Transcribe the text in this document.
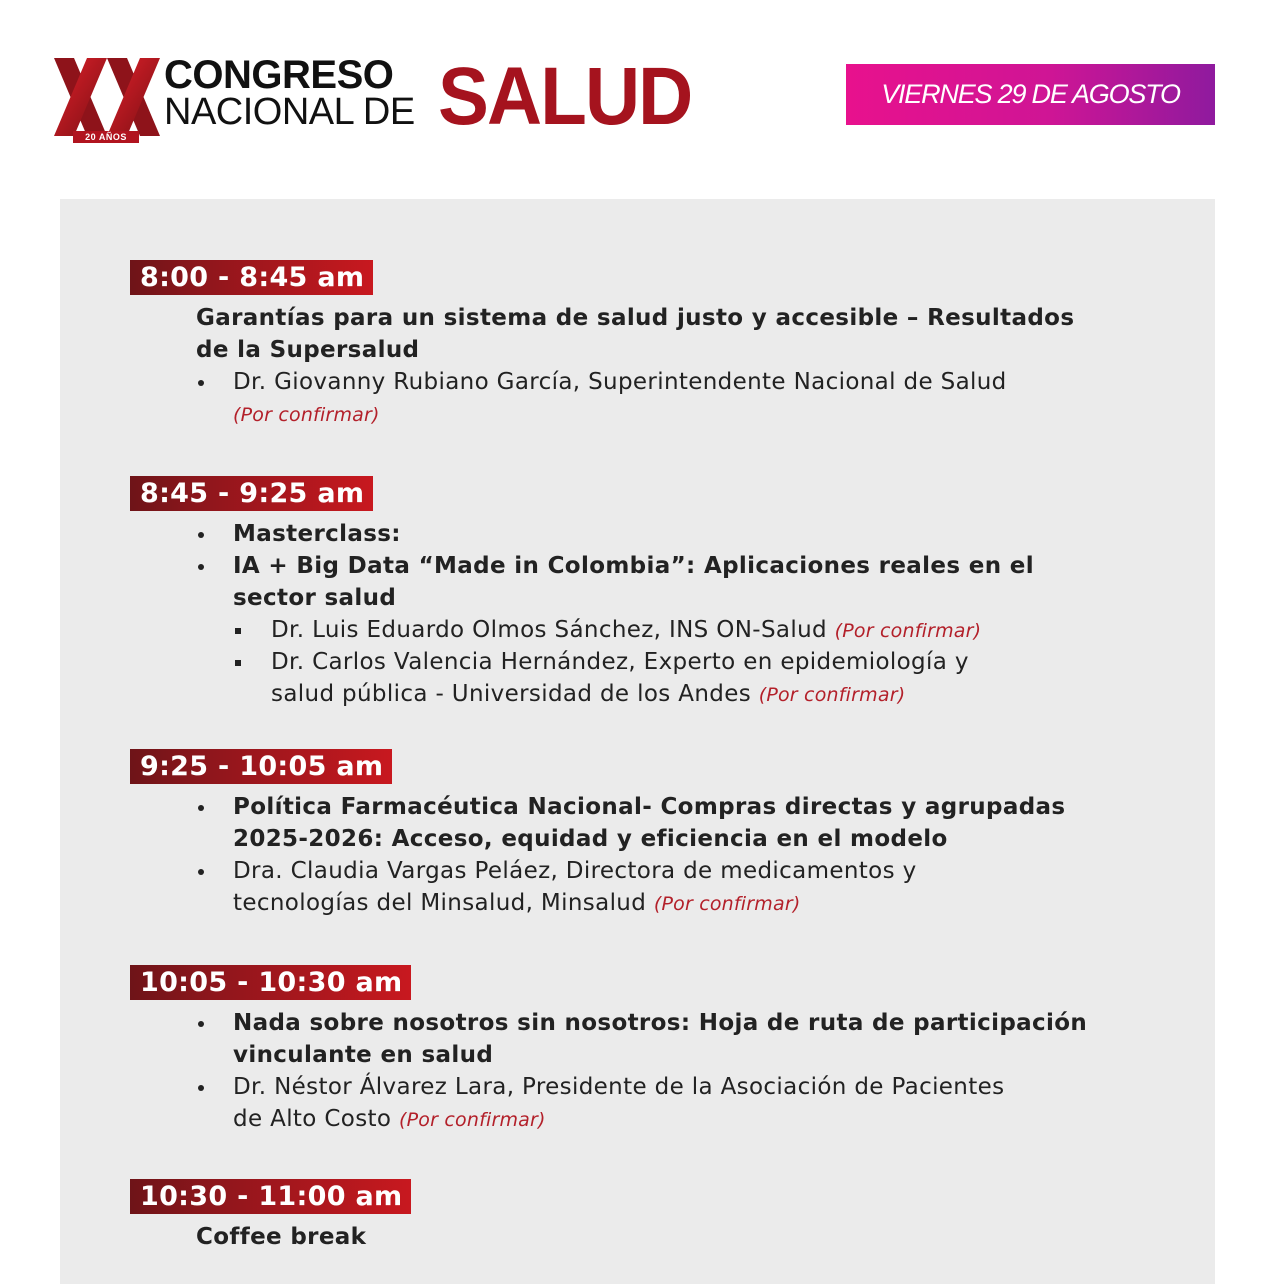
XX
20 AÑOS
CONGRESO
NACIONAL DE SALUD	VIERNES 29 DE AGOSTO
8:00 - 8:45 am
Garantías para un sistema de salud justo y accesible – Resultados
de la Supersalud
Dr. Giovanny Rubiano García, Superintendente Nacional de Salud
(Por confirmar)
8:45 - 9:25 am
Masterclass:
IA + Big Data “Made in Colombia”: Aplicaciones reales en el
sector salud
Dr. Luis Eduardo Olmos Sánchez, INS ON-Salud (Por confirmar)
Dr. Carlos Valencia Hernández, Experto en epidemiología y
salud pública - Universidad de los Andes (Por confirmar)
9:25 - 10:05 am
Política Farmacéutica Nacional- Compras directas y agrupadas
2025-2026: Acceso, equidad y eficiencia en el modelo
Dra. Claudia Vargas Peláez, Directora de medicamentos y
tecnologías del Minsalud, Minsalud (Por confirmar)
10:05 - 10:30 am
Nada sobre nosotros sin nosotros: Hoja de ruta de participación
vinculante en salud
Dr. Néstor Álvarez Lara, Presidente de la Asociación de Pacientes
de Alto Costo (Por confirmar)
10:30 - 11:00 am
Coffee break
